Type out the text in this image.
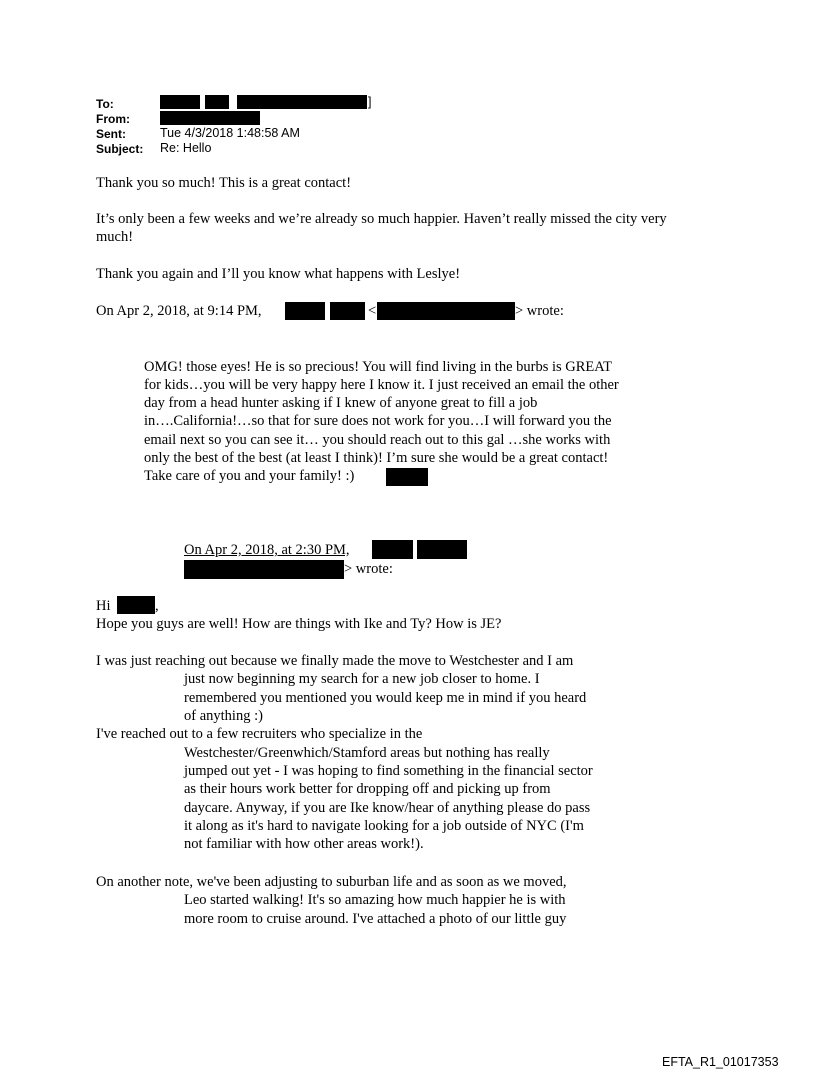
To:	]
From:
Sent:	Tue 4/3/2018 1:48:58 AM
Subject: Re: Hello
Thank you so much! This is a great contact!
It’s only been a few weeks and we’re already so much happier. Haven’t really missed the city very
much!
Thank you again and I’ll you know what happens with Leslye!
On Apr 2, 2018, at 9:14 PM,	<	> wrote:
OMG! those eyes! He is so precious! You will find living in the burbs is GREAT
for kids…you will be very happy here I know it. I just received an email the other
day from a head hunter asking if I knew of anyone great to fill a job
in….California!…so that for sure does not work for you…I will forward you the
email next so you can see it… you should reach out to this gal …she works with
only the best of the best (at least I think)! I’m sure she would be a great contact!
Take care of you and your family! :)
On Apr 2, 2018, at 2:30 PM,
> wrote:
Hi	,
Hope you guys are well! How are things with Ike and Ty? How is JE?
I was just reaching out because we finally made the move to Westchester and I am
just now beginning my search for a new job closer to home. I
remembered you mentioned you would keep me in mind if you heard
of anything :)
I've reached out to a few recruiters who specialize in the
Westchester/Greenwhich/Stamford areas but nothing has really
jumped out yet - I was hoping to find something in the financial sector
as their hours work better for dropping off and picking up from
daycare. Anyway, if you are Ike know/hear of anything please do pass
it along as it's hard to navigate looking for a job outside of NYC (I'm
not familiar with how other areas work!).
On another note, we've been adjusting to suburban life and as soon as we moved,
Leo started walking! It's so amazing how much happier he is with
more room to cruise around. I've attached a photo of our little guy
EFTA_R1_01017353
